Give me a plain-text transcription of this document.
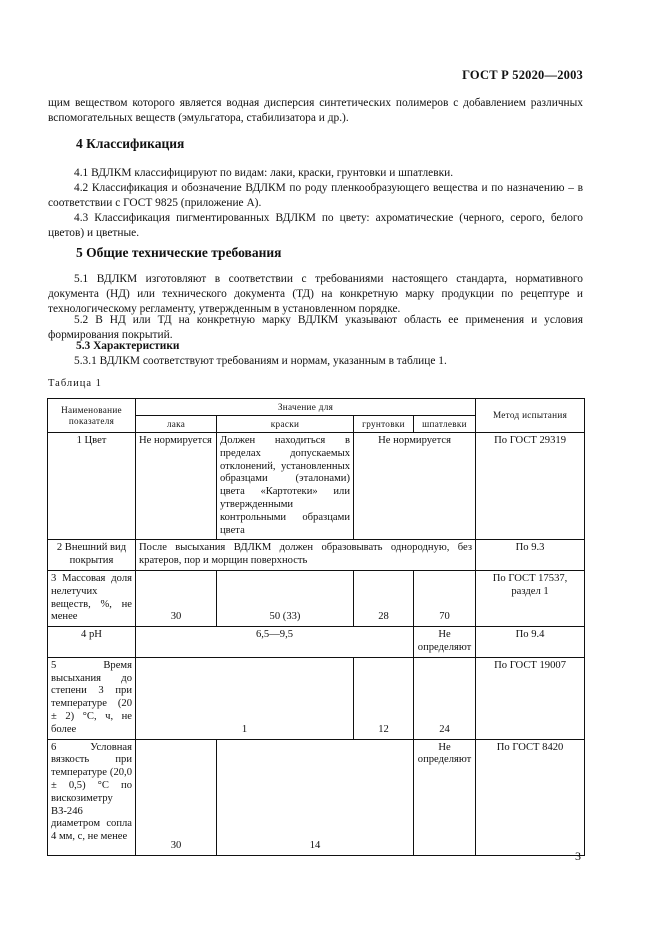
ГОСТ Р 52020—2003

щим веществом которого является водная дисперсия синтетических полимеров с добавлением различных вспомогательных веществ (эмульгатора, стабилизатора и др.).

4 Классификация

4.1 ВДЛКМ классифицируют по видам: лаки, краски, грунтовки и шпатлевки.

4.2 Классификация и обозначение ВДЛКМ по роду пленкообразующего вещества и по назначению – в соответствии с ГОСТ 9825 (приложение А).

4.3 Классификация пигментированных ВДЛКМ по цвету: ахроматические (черного, серого, белого цветов) и цветные.

5 Общие технические требования

5.1 ВДЛКМ изготовляют в соответствии с требованиями настоящего стандарта, нормативного документа (НД) или технического документа (ТД) на конкретную марку продукции по рецептуре и технологическому регламенту, утвержденным в установленном порядке.

5.2 В НД или ТД на конкретную марку ВДЛКМ указывают область ее применения и условия формирования покрытий.

5.3 Характеристики

5.3.1 ВДЛКМ соответствуют требованиям и нормам, указанным в таблице 1.

Таблица 1
Наименование показателя	Значение для				Метод испытания
	лака	краски	грунтовки	шпатлевки	
1 Цвет	Не нормируется	Должен находиться в пределах допускаемых отклонений, установленных образцами (эталонами) цвета «Картотеки» или утвержденными контрольными образцами цвета	Не нормируется		По ГОСТ 29319
2 Внешний вид покрытия	После высыхания ВДЛКМ должен образовывать однородную, без кратеров, пор и морщин поверхность				По 9.3
3 Массовая доля нелетучих веществ, %, не менее	30	50 (33)	28	70	По ГОСТ 17537, раздел 1
4 pH	6,5—9,5			Не определяют	По 9.4
5 Время высыхания до степени 3 при температуре (20 ± 2) °С, ч, не более	1		12	24	По ГОСТ 19007
6 Условная вязкость при температуре (20,0 ± 0,5) °С по вискозиметру ВЗ-246 диаметром сопла 4 мм, с, не менее	30	14		Не определяют	По ГОСТ 8420
3
